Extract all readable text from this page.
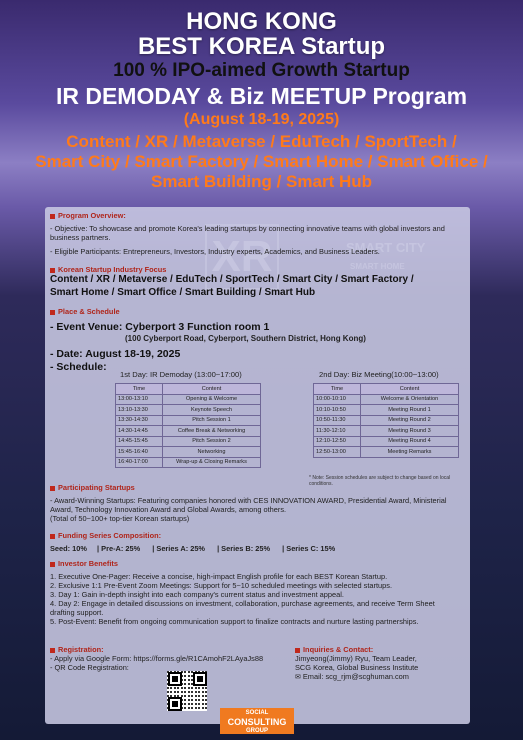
HONG KONG
BEST KOREA Startup
100 % IPO-aimed Growth Startup
IR DEMODAY & Biz MEETUP Program
(August 18-19, 2025)
Content / XR / Metaverse / EduTech / SportTech /
Smart City / Smart Factory / Smart Home / Smart Office /
Smart Building / Smart Hub
Program Overview:
- Objective: To showcase and promote Korea's leading startups by connecting innovative teams with global investors and business partners.
- Eligible Participants: Entrepreneurs, Investors, Industry experts, Academics, and Business Leaders.
Korean Startup Industry Focus
Content / XR / Metaverse / EduTech / SportTech / Smart City / Smart Factory /
Smart Home / Smart Office / Smart Building / Smart Hub
Place & Schedule
- Event Venue: Cyberport 3 Function room 1
(100 Cyberport Road, Cyberport, Southern District, Hong Kong)
- Date: August 18-19, 2025
- Schedule:
1st Day: IR Demoday (13:00~17:00)	2nd Day: Biz Meeting(10:00~13:00)
Time	Content
13:00-13:10	Opening & Welcome
13:10-13:30	Keynote Speech
13:30-14:30	Pitch Session 1
14:30-14:45	Coffee Break & Networking
14:45-15:45	Pitch Session 2
15:45-16:40	Networking
16:40-17:00	Wrap-up & Closing Remarks
Time	Content
10:00-10:10	Welcome & Orientation
10:10-10:50	Meeting Round 1
10:50-11:30	Meeting Round 2
11:30-12:10	Meeting Round 3
12:10-12:50	Meeting Round 4
12:50-13:00	Meeting Remarks
* Note: Session schedules are subject to change based on local conditions.
Participating Startups
- Award-Winning Startups: Featuring companies honored with CES INNOVATION AWARD, Presidential Award, Ministerial Award, Technology Innovation Award and Global Awards, among others.
(Total of 50~100+ top-tier Korean startups)
Funding Series Composition:
Seed: 10% | Pre-A: 25% | Series A: 25% | Series B: 25% | Series C: 15%
Investor Benefits
1. Executive One-Pager: Receive a concise, high-impact English profile for each BEST Korean Startup.
2. Exclusive 1:1 Pre-Event Zoom Meetings: Support for 5~10 scheduled meetings with selected startups.
3. Day 1: Gain in-depth insight into each company's current status and investment appeal.
4. Day 2: Engage in detailed discussions on investment, collaboration, purchase agreements, and receive Term Sheet drafting support.
5. Post-Event: Benefit from ongoing communication support to finalize contracts and nurture lasting partnerships.
Registration:
- Apply via Google Form: https://forms.gle/R1CAmohF2LAyaJs88
- QR Code Registration:
Inquiries & Contact:
Jimyeong(Jimmy) Ryu, Team Leader,
SCG Korea, Global Business Institute
✉ Email: scg_rjm@scghuman.com
SOCIAL
CONSULTING
GROUP
